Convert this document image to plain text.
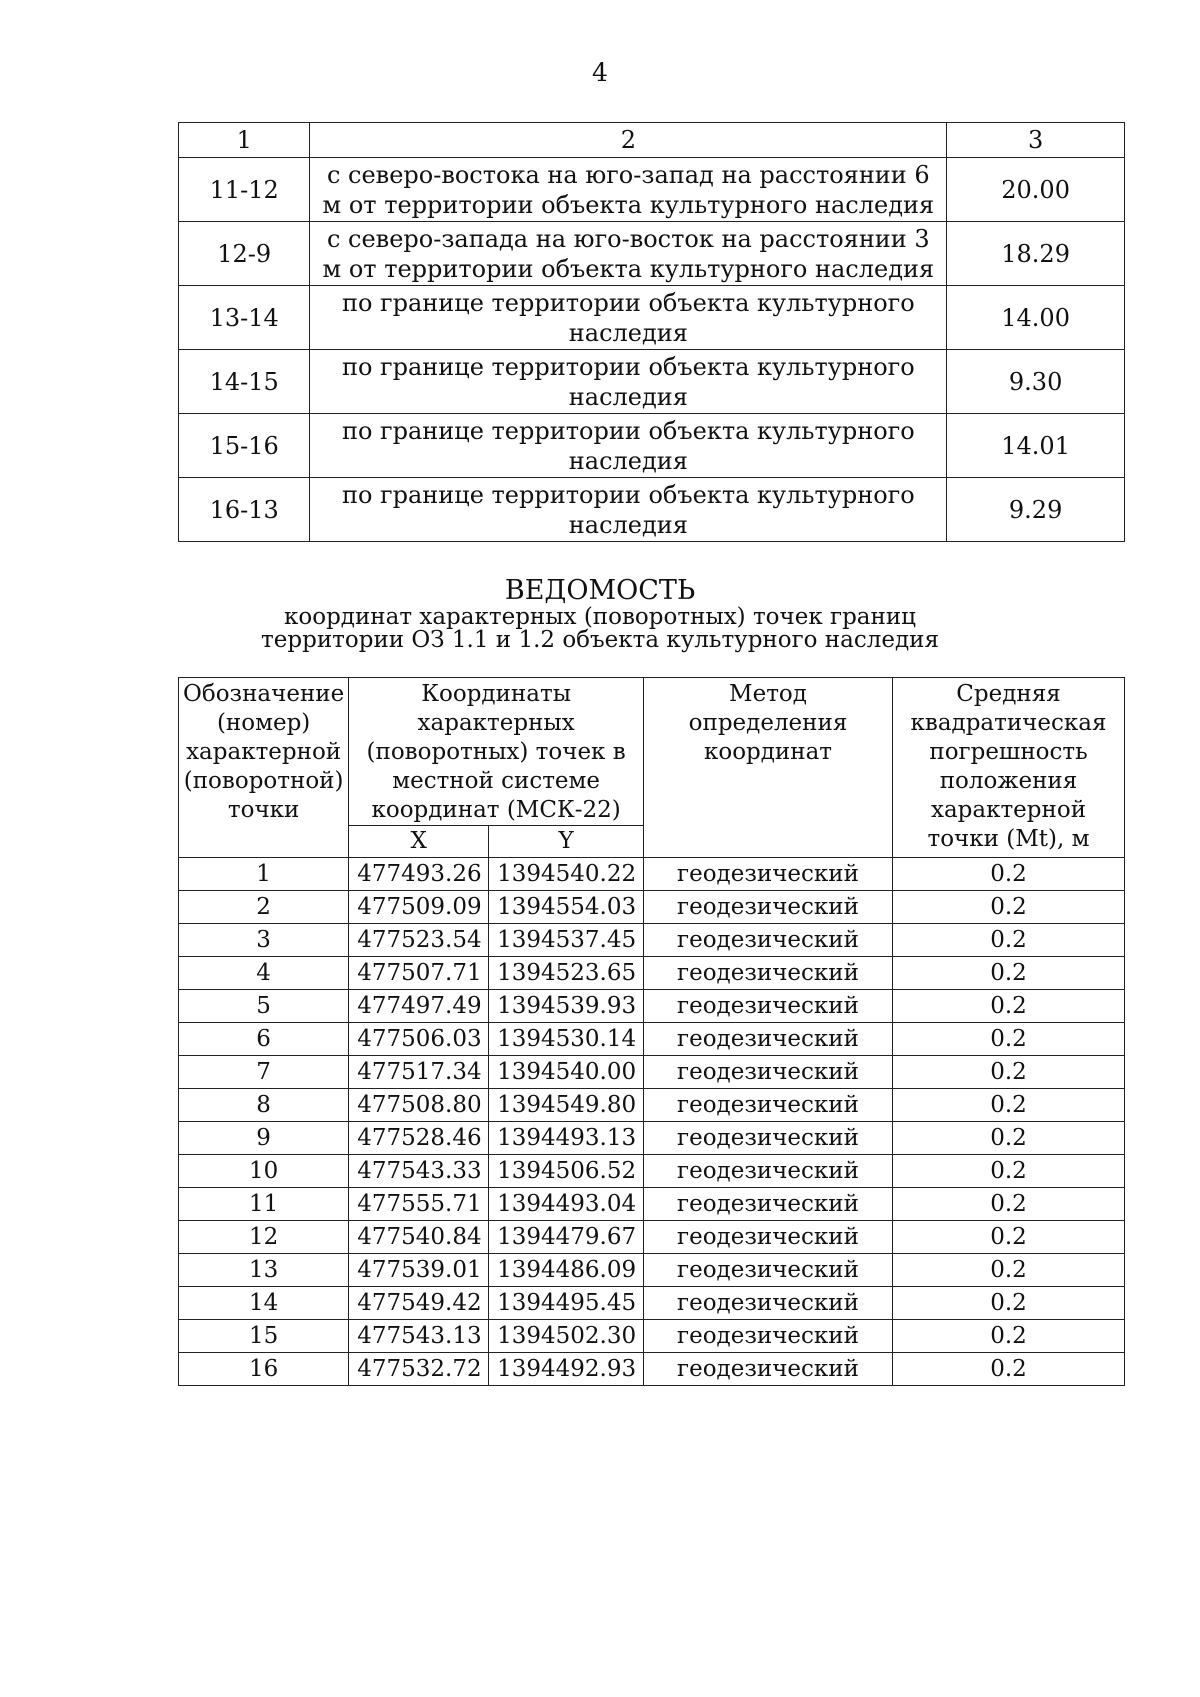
4
1	2	3
11-12	с северо-востока на юго-запад на расстоянии 6 м от территории объекта культурного наследия	20.00
12-9	с северо-запада на юго-восток на расстоянии 3 м от территории объекта культурного наследия	18.29
13-14	по границе территории объекта культурного наследия	14.00
14-15	по границе территории объекта культурного наследия	9.30
15-16	по границе территории объекта культурного наследия	14.01
16-13	по границе территории объекта культурного наследия	9.29
ВЕДОМОСТЬ
координат характерных (поворотных) точек границ
территории ОЗ 1.1 и 1.2 объекта культурного наследия
Обозначение (номер) характерной (поворотной) точки	Координаты характерных (поворотных) точек в местной системе координат (МСК-22)		Метод определения координат	Средняя квадратическая погрешность положения характерной точки (Mt), м
	X	Y		
1	477493.26	1394540.22	геодезический	0.2
2	477509.09	1394554.03	геодезический	0.2
3	477523.54	1394537.45	геодезический	0.2
4	477507.71	1394523.65	геодезический	0.2
5	477497.49	1394539.93	геодезический	0.2
6	477506.03	1394530.14	геодезический	0.2
7	477517.34	1394540.00	геодезический	0.2
8	477508.80	1394549.80	геодезический	0.2
9	477528.46	1394493.13	геодезический	0.2
10	477543.33	1394506.52	геодезический	0.2
11	477555.71	1394493.04	геодезический	0.2
12	477540.84	1394479.67	геодезический	0.2
13	477539.01	1394486.09	геодезический	0.2
14	477549.42	1394495.45	геодезический	0.2
15	477543.13	1394502.30	геодезический	0.2
16	477532.72	1394492.93	геодезический	0.2
